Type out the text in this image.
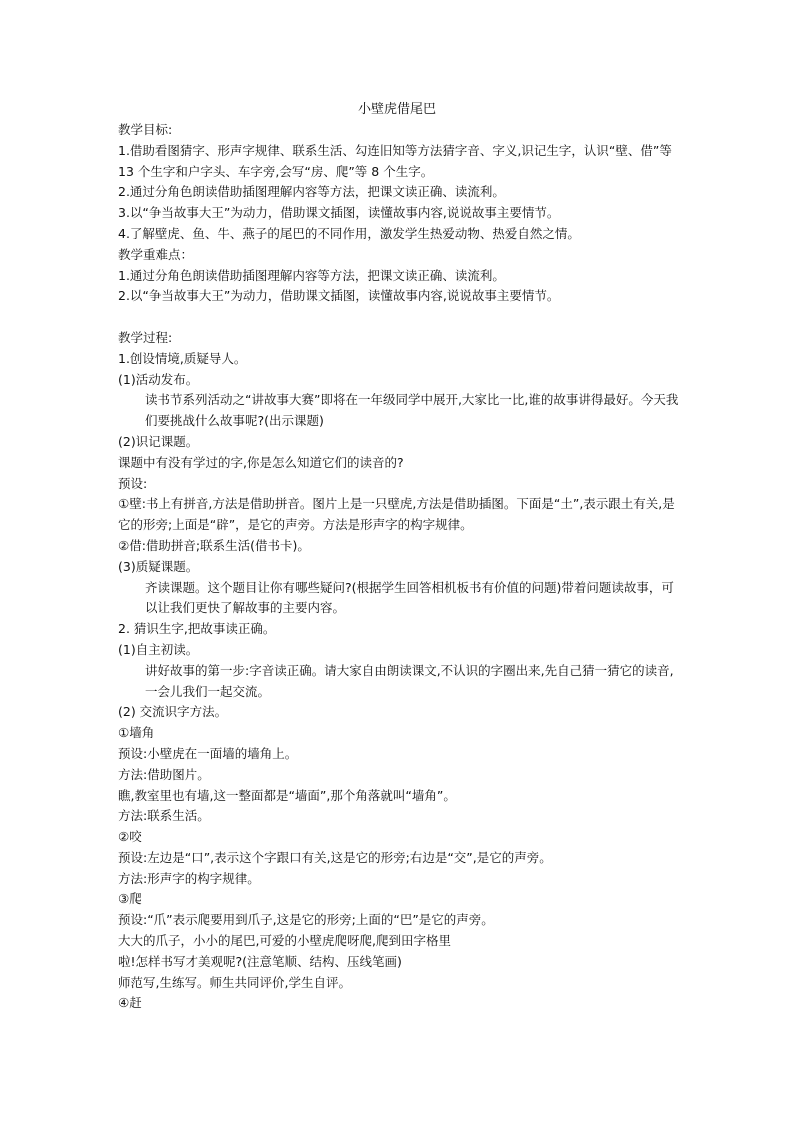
小壁虎借尾巴
教学目标:
1.借助看图猜字、形声字规律、联系生活、勾连旧知等方法猜字音、字义,识记生字，认识“壁、借”等 13 个生字和户字头、车字旁,会写“房、爬”等 8 个生字。
2.通过分角色朗读借助插图理解内容等方法，把课文读正确、读流利。
3.以“争当故事大王”为动力，借助课文插图，读懂故事内容,说说故事主要情节。
4.了解壁虎、鱼、牛、燕子的尾巴的不同作用，激发学生热爱动物、热爱自然之情。
教学重难点：
1.通过分角色朗读借助插图理解内容等方法，把课文读正确、读流利。
2.以“争当故事大王”为动力，借助课文插图，读懂故事内容,说说故事主要情节。
教学过程:
1.创设情境,质疑导人。
(1)活动发布。
读书节系列活动之“讲故事大赛”即将在一年级同学中展开,大家比一比,谁的故事讲得最好。今天我们要挑战什么故事呢?(出示课题)
(2)识记课题。
课题中有没有学过的字,你是怎么知道它们的读音的?
预设:
①壁:书上有拼音,方法是借助拼音。图片上是一只壁虎,方法是借助插图。下面是“土”,表示跟土有关,是它的形旁;上面是“辟”，是它的声旁。方法是形声字的构字规律。
②借:借助拼音;联系生活(借书卡)。
(3)质疑课题。
齐读课题。这个题目让你有哪些疑问?(根据学生回答相机板书有价值的问题)带着问题读故事，可以让我们更快了解故事的主要内容。
2. 猜识生字,把故事读正确。
(1)自主初读。
讲好故事的第一步:字音读正确。请大家自由朗读课文,不认识的字圈出来,先自己猜一猜它的读音,一会儿我们一起交流。
(2) 交流识字方法。
①墙角
预设:小壁虎在一面墙的墙角上。
方法:借助图片。
瞧,教室里也有墙,这一整面都是“墙面”,那个角落就叫“墙角”。
方法:联系生活。
②咬
预设:左边是“口”,表示这个字跟口有关,这是它的形旁;右边是“交”,是它的声旁。
方法:形声字的构字规律。
③爬
预设:“爪”表示爬要用到爪子,这是它的形旁;上面的“巴”是它的声旁。
大大的爪子，小小的尾巴,可爱的小壁虎爬呀爬,爬到田字格里
啦!怎样书写才美观呢?(注意笔顺、结构、压线笔画)
师范写,生练写。师生共同评价,学生自评。
④赶
